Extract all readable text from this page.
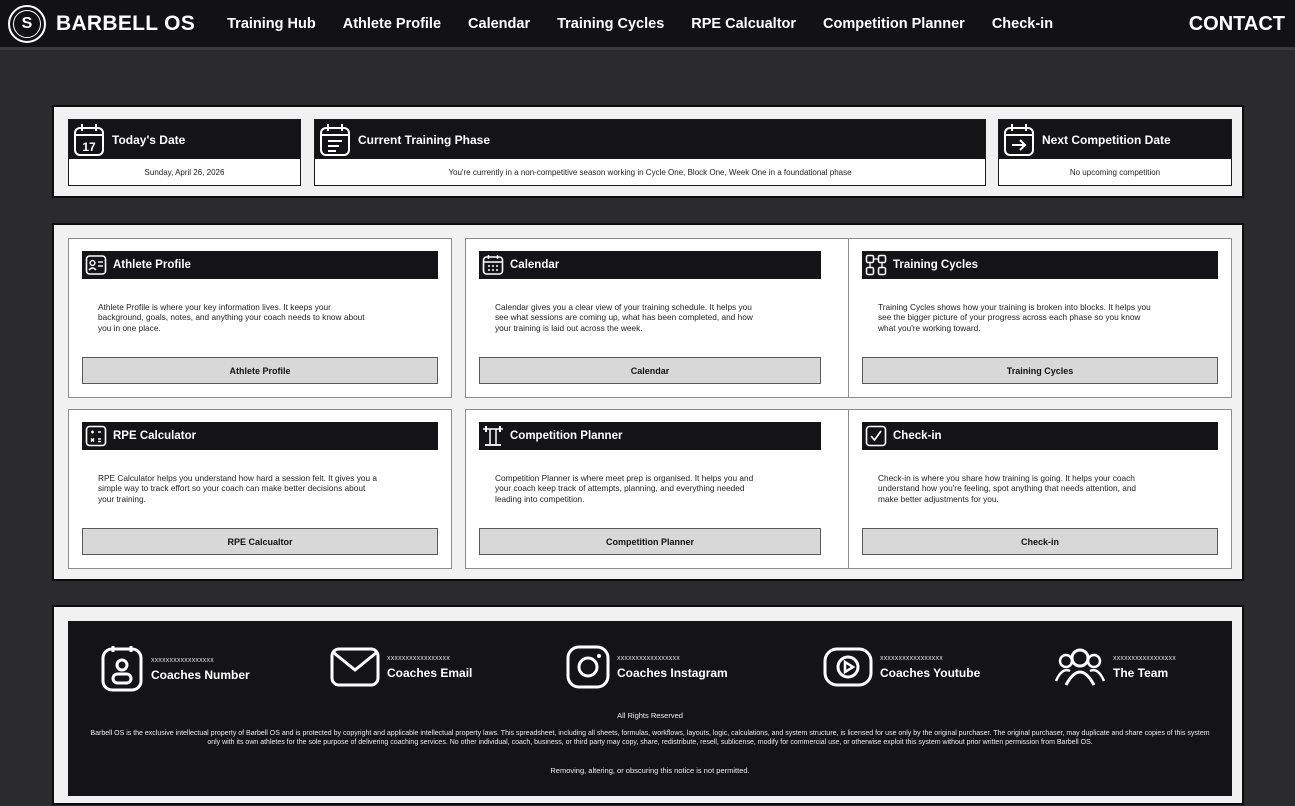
S	BARBELL OS Training Hub Athlete Profile Calendar Training Cycles RPE Calcualtor Competition Planner Check-in	CONTACT
17 Today's Date
Sunday, April 26, 2026
Current Training Phase
You're currently in a non-competitive season working in Cycle One, Block One, Week One in a foundational phase
Next Competition Date
No upcoming competition
Athlete Profile
Athlete Profile is where your key information lives. It keeps your
background, goals, notes, and anything your coach needs to know about
you in one place.
Athlete Profile
Calendar
Calendar gives you a clear view of your training schedule. It helps you
see what sessions are coming up, what has been completed, and how
your training is laid out across the week.
Calendar
Training Cycles
Training Cycles shows how your training is broken into blocks. It helps you
see the bigger picture of your progress across each phase so you know
what you're working toward.
Training Cycles
RPE Calculator
RPE Calculator helps you understand how hard a session felt. It gives you a
simple way to track effort so your coach can make better decisions about
your training.
RPE Calcualtor
Competition Planner
Competition Planner is where meet prep is organised. It helps you and
your coach keep track of attempts, planning, and everything needed
leading into competition.
Competition Planner
Check-in
Check-in is where you share how training is going. It helps your coach
understand how you're feeling, spot anything that needs attention, and
make better adjustments for you.
Check-in
xxxxxxxxxxxxxxxxx
Coaches Number
xxxxxxxxxxxxxxxxx
Coaches Email
xxxxxxxxxxxxxxxxx
Coaches Instagram
xxxxxxxxxxxxxxxxx
Coaches Youtube
xxxxxxxxxxxxxxxxx
The Team
All Rights Reserved
Barbell OS is the exclusive intellectual property of Barbell OS and is protected by copyright and applicable intellectual property laws. This spreadsheet, including all sheets, formulas, workflows, layouts, logic, calculations, and system structure, is licensed for use only by the original purchaser. The original purchaser, may duplicate and share copies of this system only with its own athletes for the sole purpose of delivering coaching services. No other individual, coach, business, or third party may copy, share, redistribute, resell, sublicense, modify for commercial use, or otherwise exploit this system without prior written permission from Barbell OS.
Removing, altering, or obscuring this notice is not permitted.
